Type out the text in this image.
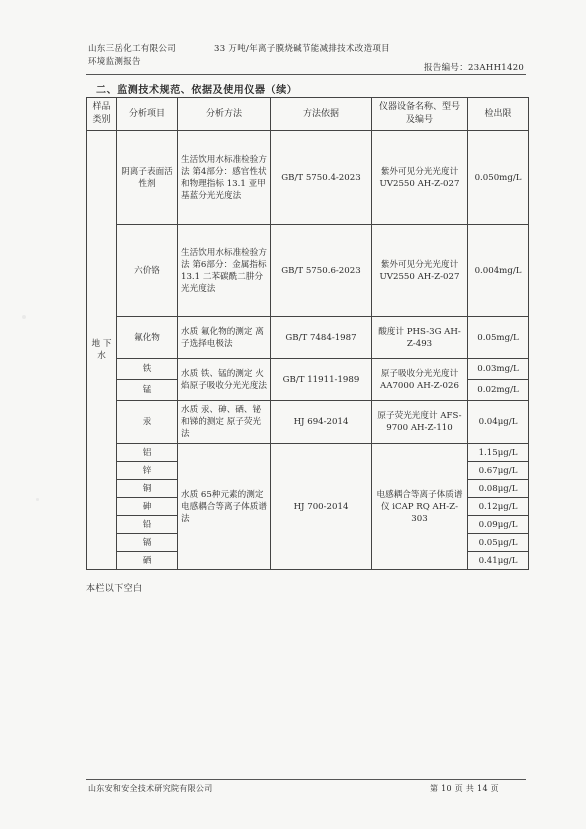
山东三岳化工有限公司	33 万吨/年离子膜烧碱节能减排技术改造项目
环境监测报告
报告编号：23AHH1420
二、监测技术规范、依据及使用仪器（续）
样品类别	分析项目	分析方法	方法依据	仪器设备名称、型号及编号	检出限
地 下 水	阴离子表面活性剂	生活饮用水标准检验方法 第4部分：感官性状和物理指标 13.1 亚甲基蓝分光光度法	GB/T 5750.4-2023	紫外可见分光光度计 UV2550 AH-Z-027	0.050mg/L
	六价铬	生活饮用水标准检验方法 第6部分：金属指标 13.1 二苯碳酰二肼分光光度法	GB/T 5750.6-2023	紫外可见分光光度计 UV2550 AH-Z-027	0.004mg/L
	氟化物	水质 氟化物的测定 离子选择电极法	GB/T 7484-1987	酸度计 PHS-3G AH-Z-493	0.05mg/L
	铁	水质 铁、锰的测定 火焰原子吸收分光光度法	GB/T 11911-1989	原子吸收分光光度计 AA7000 AH-Z-026	0.03mg/L
	锰				0.02mg/L
	汞	水质 汞、砷、硒、铋和锑的测定 原子荧光法	HJ 694-2014	原子荧光光度计 AFS-9700 AH-Z-110	0.04μg/L
	铝	水质 65种元素的测定 电感耦合等离子体质谱法	HJ 700-2014	电感耦合等离子体质谱仪 iCAP RQ AH-Z-303	1.15μg/L
	锌				0.67μg/L
	铜				0.08μg/L
	砷				0.12μg/L
	铅				0.09μg/L
	镉				0.05μg/L
	硒				0.41μg/L
本栏以下空白
山东安和安全技术研究院有限公司	第 10 页 共 14 页
